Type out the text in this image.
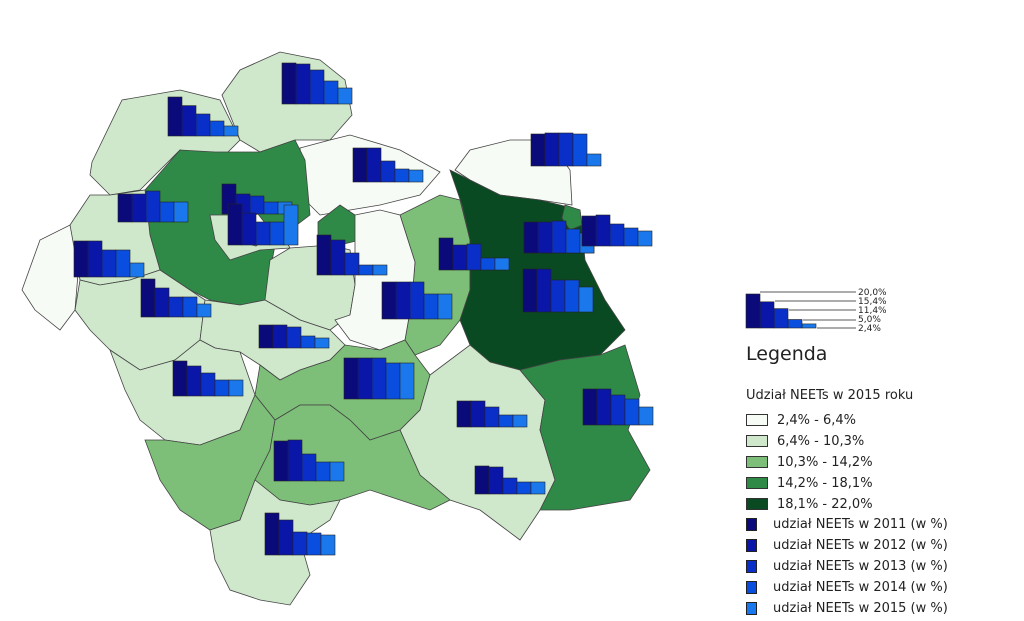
20,0%
15,4%
11,4%
5,0%
2,4%
Legenda
Udział NEETs w 2015 roku
2,4% - 6,4%
6,4% - 10,3%
10,3% - 14,2%
14,2% - 18,1%
18,1% - 22,0%
udział NEETs w 2011 (w %)
udział NEETs w 2012 (w %)
udział NEETs w 2013 (w %)
udział NEETs w 2014 (w %)
udział NEETs w 2015 (w %)
